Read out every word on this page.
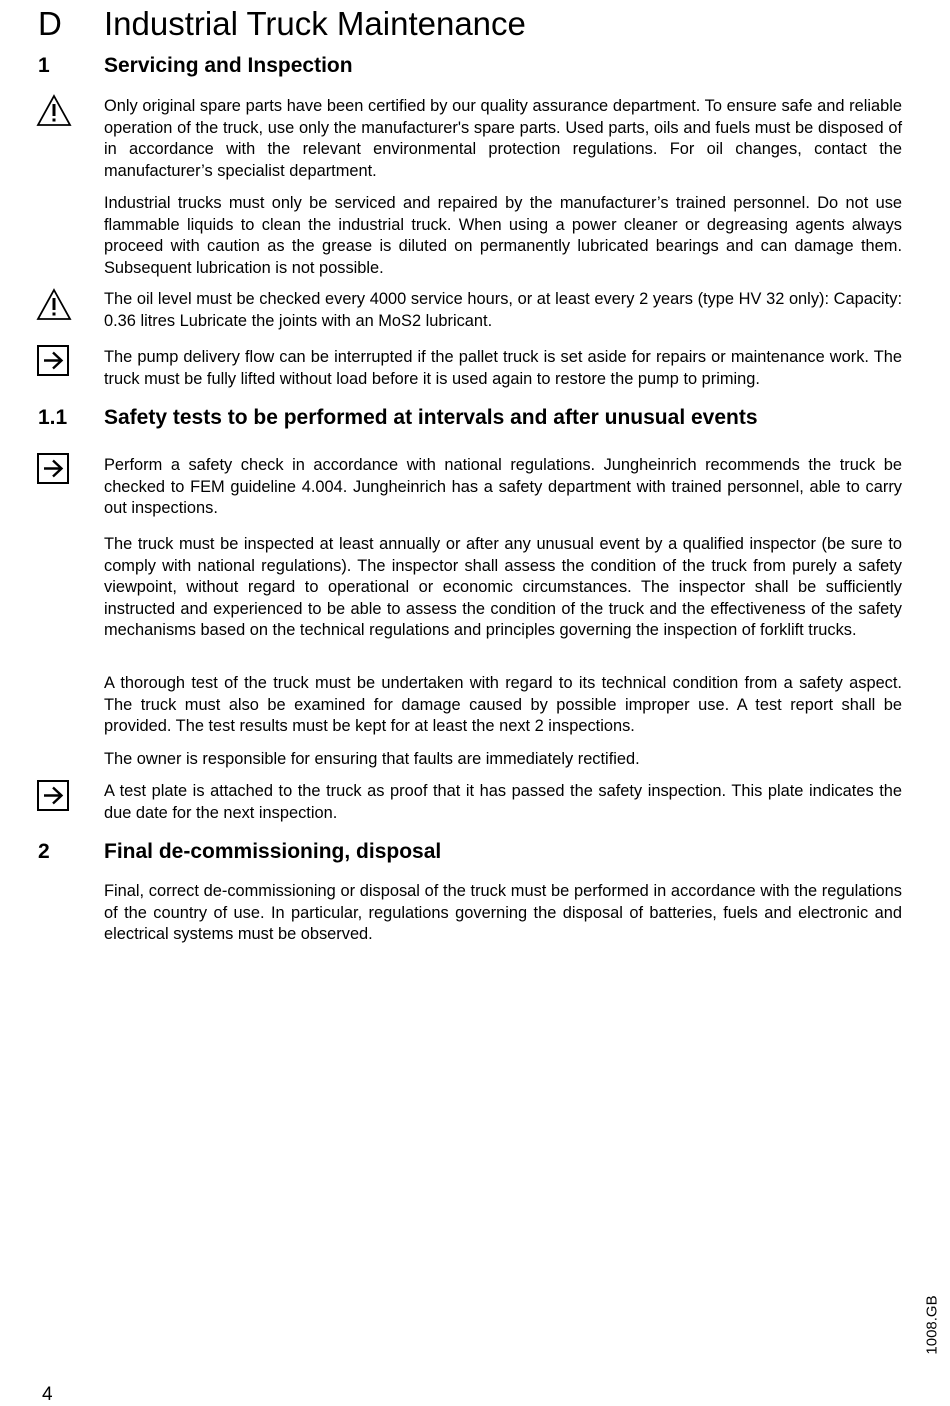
D Industrial Truck Maintenance
1	Servicing and Inspection

Only original spare parts have been certified by our quality assurance department. To ensure safe and reliable operation of the truck, use only the manufacturer's spare parts. Used parts, oils and fuels must be disposed of in accordance with the relevant environmental protection regulations. For oil changes, contact the manufacturer’s specialist department.

Industrial trucks must only be serviced and repaired by the manufacturer’s trained personnel. Do not use flammable liquids to clean the industrial truck. When using a power cleaner or degreasing agents always proceed with caution as the grease is diluted on permanently lubricated bearings and can damage them. Subsequent lubrication is not possible.

The oil level must be checked every 4000 service hours, or at least every 2 years (type HV 32 only): Capacity: 0.36 litres Lubricate the joints with an MoS2 lubricant.

The pump delivery flow can be interrupted if the pallet truck is set aside for repairs or maintenance work. The truck must be fully lifted without load before it is used again to restore the pump to priming.

1.1 Safety tests to be performed at intervals and after unusual events

Perform a safety check in accordance with national regulations. Jungheinrich recommends the truck be checked to FEM guideline 4.004. Jungheinrich has a safety department with trained personnel, able to carry out inspections.

The truck must be inspected at least annually or after any unusual event by a qualified inspector (be sure to comply with national regulations). The inspector shall assess the condition of the truck from purely a safety viewpoint, without regard to operational or economic circumstances. The inspector shall be sufficiently instructed and experienced to be able to assess the condition of the truck and the effectiveness of the safety mechanisms based on the technical regulations and principles governing the inspection of forklift trucks.

A thorough test of the truck must be undertaken with regard to its technical condition from a safety aspect. The truck must also be examined for damage caused by possible improper use. A test report shall be provided. The test results must be kept for at least the next 2 inspections.

The owner is responsible for ensuring that faults are immediately rectified.

A test plate is attached to the truck as proof that it has passed the safety inspection. This plate indicates the due date for the next inspection.

2	Final de-commissioning, disposal

Final, correct de-commissioning or disposal of the truck must be performed in accordance with the regulations of the country of use. In particular, regulations governing the disposal of batteries, fuels and electronic and electrical systems must be observed.

1008.GB
4
